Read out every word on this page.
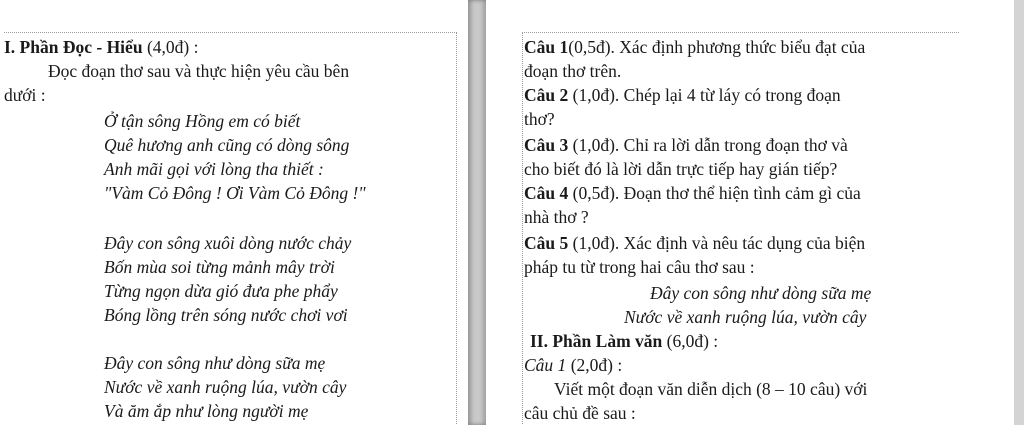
I. Phần Đọc - Hiểu (4,0đ) :
Đọc đoạn thơ sau và thực hiện yêu cầu bên
dưới :
Ở tận sông Hồng em có biết
Quê hương anh cũng có dòng sông
Anh mãi gọi với lòng tha thiết :
"Vàm Cỏ Đông ! Ơi Vàm Cỏ Đông !"
Đây con sông xuôi dòng nước chảy
Bốn mùa soi từng mảnh mây trời
Từng ngọn dừa gió đưa phe phẩy
Bóng lồng trên sóng nước chơi vơi
Đây con sông như dòng sữa mẹ
Nước về xanh ruộng lúa, vườn cây
Và ăm ắp như lòng người mẹ
Câu 1(0,5đ). Xác định phương thức biểu đạt của
đoạn thơ trên.
Câu 2 (1,0đ). Chép lại 4 từ láy có trong đoạn
thơ?
Câu 3 (1,0đ). Chỉ ra lời dẫn trong đoạn thơ và
cho biết đó là lời dẫn trực tiếp hay gián tiếp?
Câu 4 (0,5đ). Đoạn thơ thể hiện tình cảm gì của
nhà thơ ?
Câu 5 (1,0đ). Xác định và nêu tác dụng của biện
pháp tu từ trong hai câu thơ sau :
Đây con sông như dòng sữa mẹ
Nước về xanh ruộng lúa, vườn cây
II. Phần Làm văn (6,0đ) :
Câu 1 (2,0đ) :
Viết một đoạn văn diễn dịch (8 – 10 câu) với
câu chủ đề sau :
